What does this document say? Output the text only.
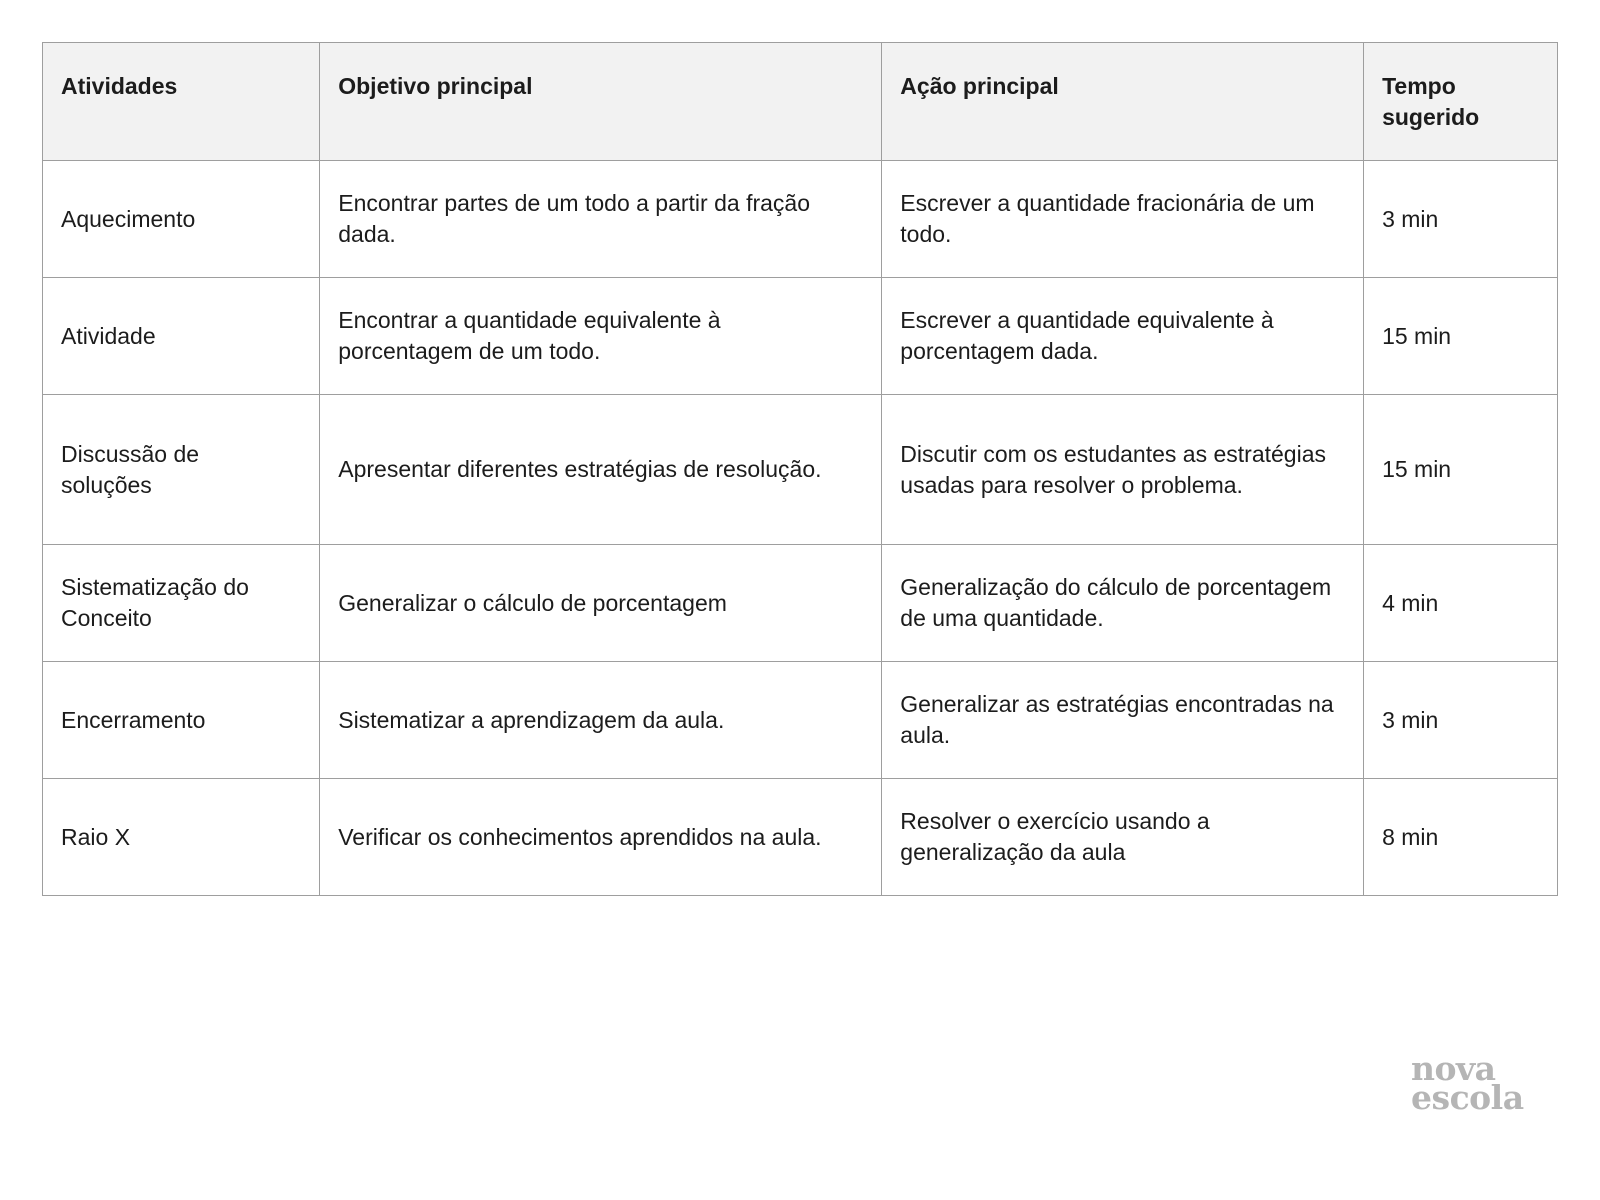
Atividades	Objetivo principal	Ação principal	Tempo sugerido
Aquecimento	Encontrar partes de um todo a partir da fração dada.	Escrever a quantidade fracionária de um todo.	3 min
Atividade	Encontrar a quantidade equivalente à porcentagem de um todo.	Escrever a quantidade equivalente à porcentagem dada.	15 min
Discussão de soluções	Apresentar diferentes estratégias de resolução.	Discutir com os estudantes as estratégias usadas para resolver o problema.	15 min
Sistematização do Conceito	Generalizar o cálculo de porcentagem	Generalização do cálculo de porcentagem de uma quantidade.	4 min
Encerramento	Sistematizar a aprendizagem da aula.	Generalizar as estratégias encontradas na aula.	3 min
Raio X	Verificar os conhecimentos aprendidos na aula.	Resolver o exercício usando a generalização da aula	8 min
nova
escola
